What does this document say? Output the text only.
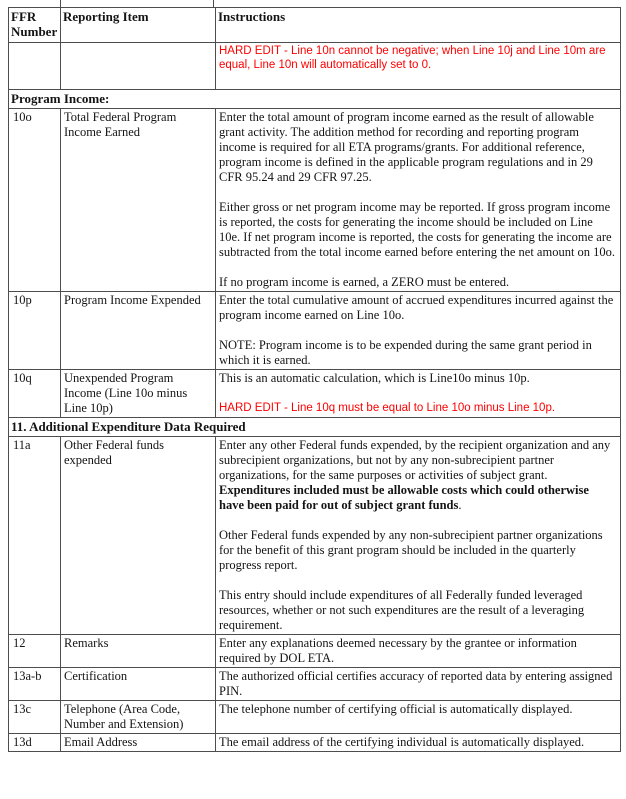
FFR Number	Reporting Item	Instructions

		HARD EDIT - Line 10n cannot be negative; when Line 10j and Line 10m are equal, Line 10n will automatically set to 0.

Program Income:		
10o	Total Federal Program Income Earned	Enter the total amount of program income earned as the result of allowable grant activity. The addition method for recording and reporting program income is required for all ETA programs/grants. For additional reference, program income is defined in the applicable program regulations and in 29 CFR 95.24 and 29 CFR 97.25.

Either gross or net program income may be reported. If gross program income is reported, the costs for generating the income should be included on Line 10e. If net program income is reported, the costs for generating the income are subtracted from the total income earned before entering the net amount on 10o.

If no program income is earned, a ZERO must be entered.

10p	Program Income Expended	Enter the total cumulative amount of accrued expenditures incurred against the program income earned on Line 10o.

NOTE: Program income is to be expended during the same grant period in which it is earned.

10q	Unexpended Program Income (Line 10o minus Line 10p)	This is an automatic calculation, which is Line10o minus 10p.

HARD EDIT - Line 10q must be equal to Line 10o minus Line 10p.

11. Additional Expenditure Data Required		
11a	Other Federal funds expended	Enter any other Federal funds expended, by the recipient organization and any subrecipient organizations, but not by any non-subrecipient partner organizations, for the same purposes or activities of subject grant. Expenditures included must be allowable costs which could otherwise have been paid for out of subject grant funds.

Other Federal funds expended by any non-subrecipient partner organizations for the benefit of this grant program should be included in the quarterly progress report.

This entry should include expenditures of all Federally funded leveraged resources, whether or not such expenditures are the result of a leveraging requirement.

12	Remarks	Enter any explanations deemed necessary by the grantee or information required by DOL ETA.

13a-b	Certification	The authorized official certifies accuracy of reported data by entering assigned PIN.

13c	Telephone (Area Code, Number and Extension)	The telephone number of certifying official is automatically displayed.

13d	Email Address	The email address of the certifying individual is automatically displayed.
